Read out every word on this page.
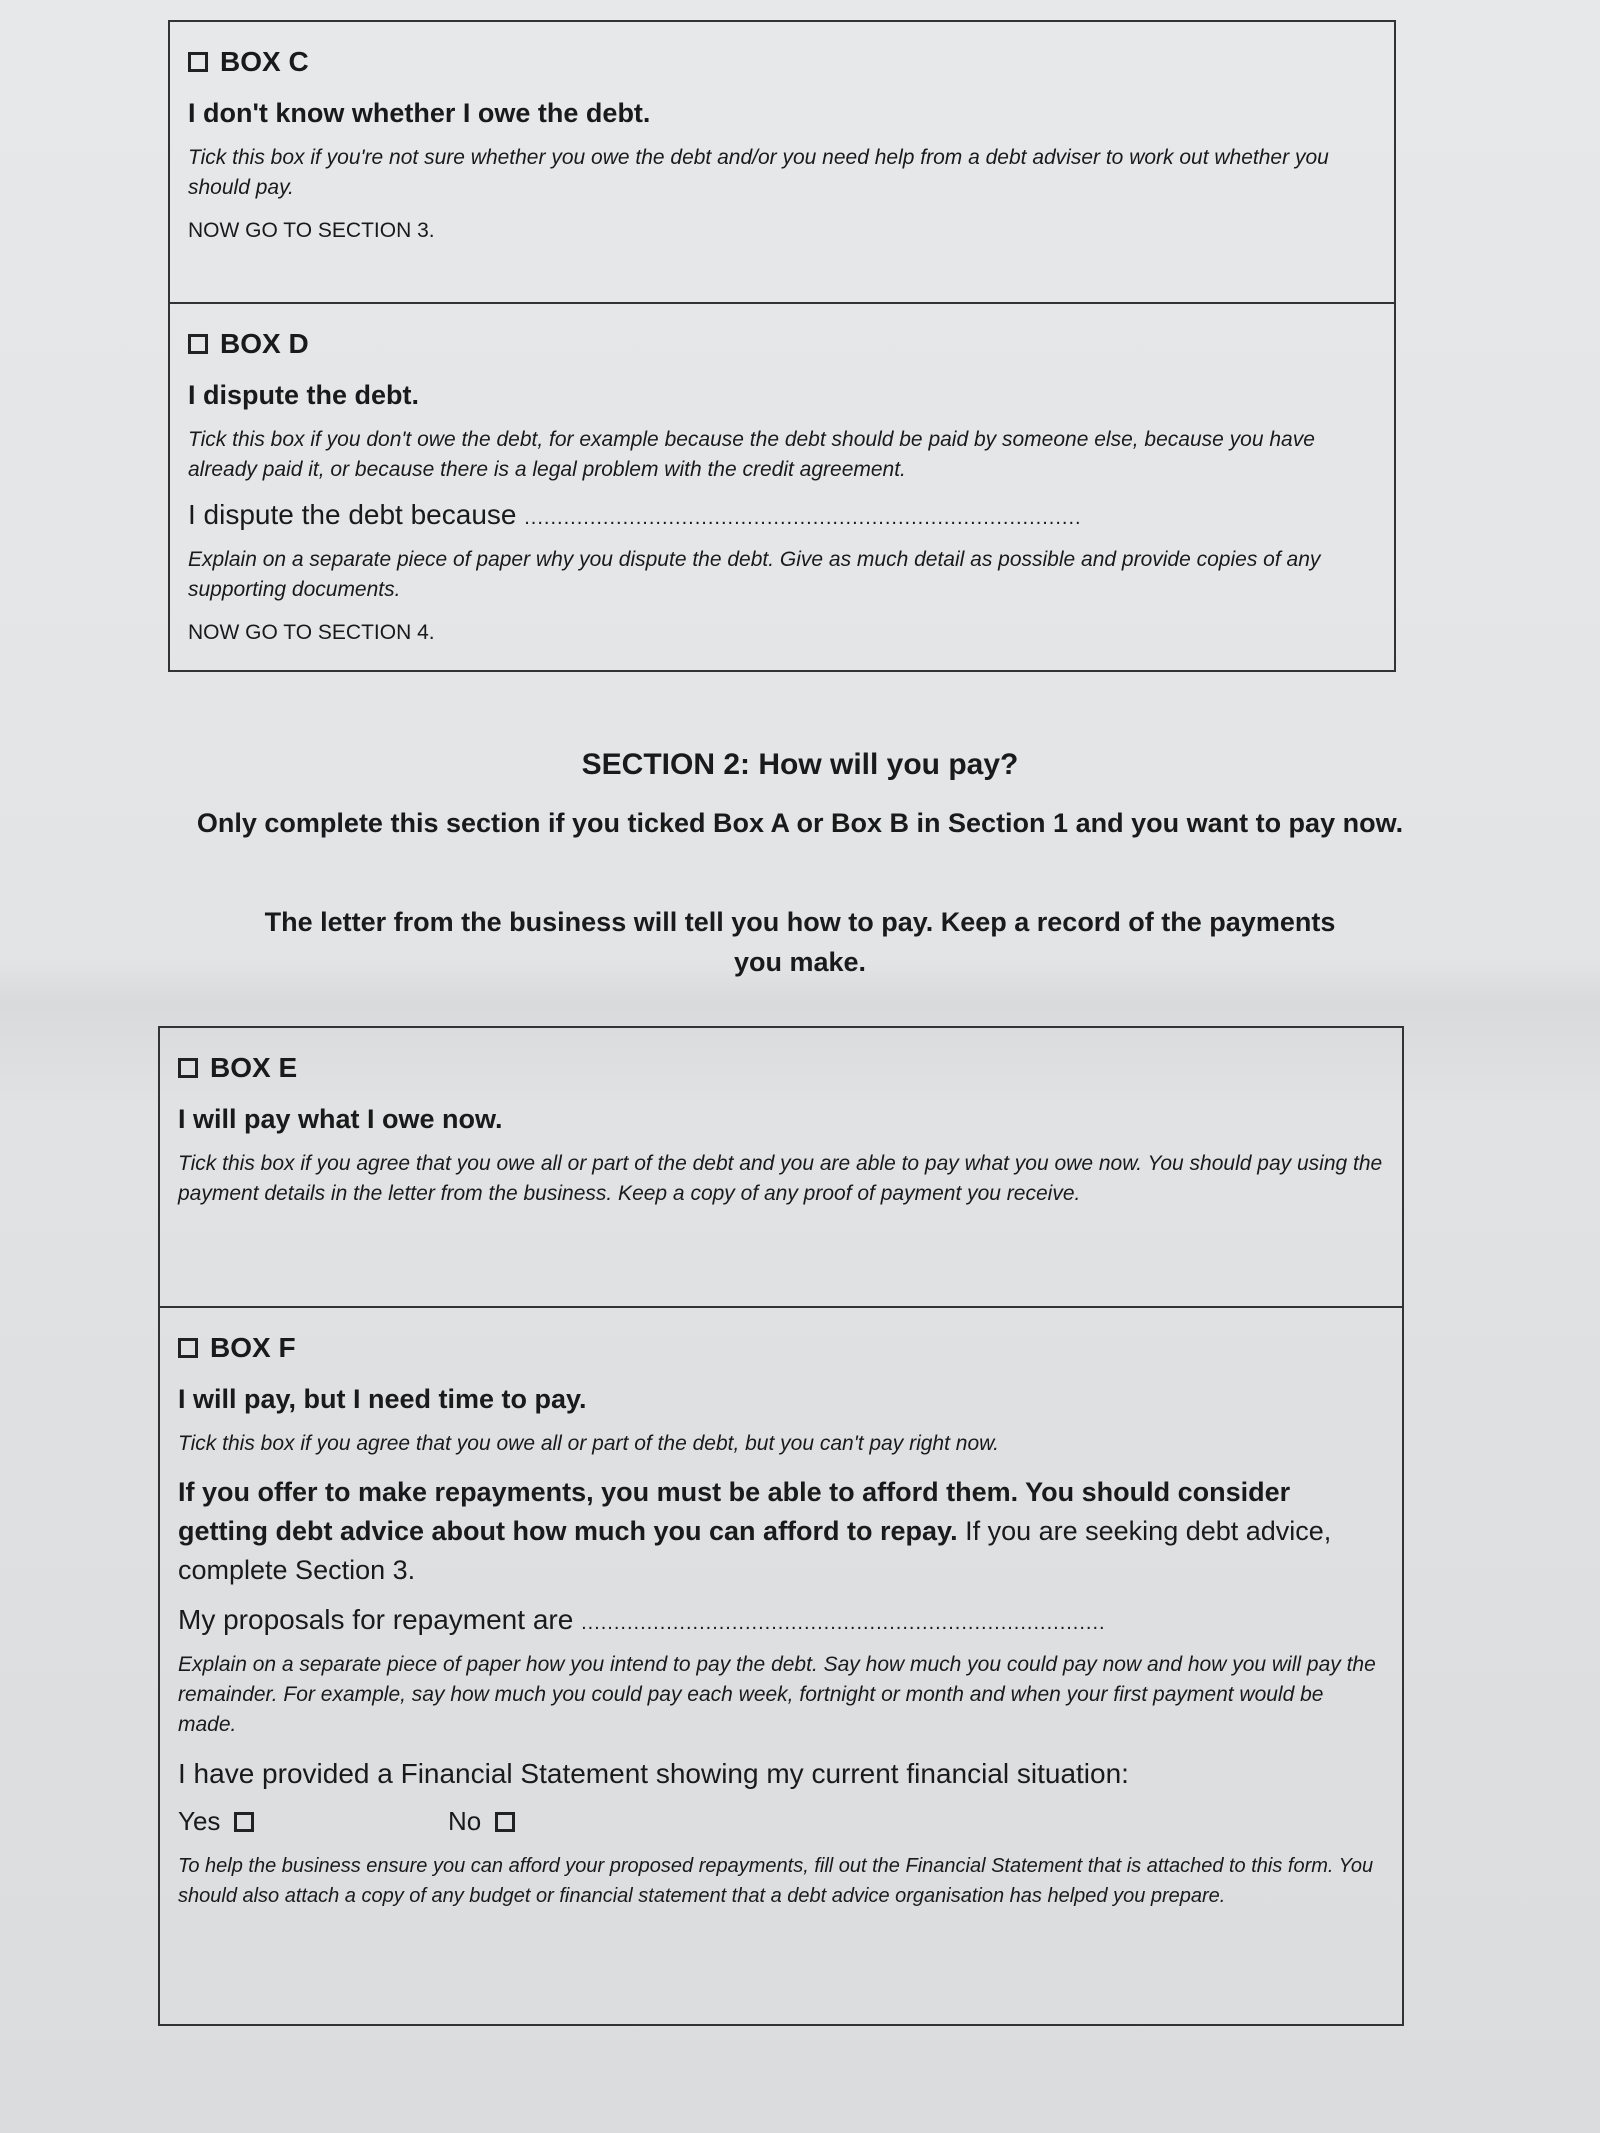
BOX C
I don't know whether I owe the debt.
Tick this box if you're not sure whether you owe the debt and/or you need help from a debt adviser to work out whether you should pay.
NOW GO TO SECTION 3.
BOX D
I dispute the debt.
Tick this box if you don't owe the debt, for example because the debt should be paid by someone else, because you have already paid it, or because there is a legal problem with the credit agreement.
I dispute the debt because .....................................................................................
Explain on a separate piece of paper why you dispute the debt. Give as much detail as possible and provide copies of any supporting documents.
NOW GO TO SECTION 4.
SECTION 2: How will you pay?
Only complete this section if you ticked Box A or Box B in Section 1 and you want to pay now.
The letter from the business will tell you how to pay. Keep a record of the payments you make.
BOX E
I will pay what I owe now.
Tick this box if you agree that you owe all or part of the debt and you are able to pay what you owe now. You should pay using the payment details in the letter from the business. Keep a copy of any proof of payment you receive.
BOX F
I will pay, but I need time to pay.
Tick this box if you agree that you owe all or part of the debt, but you can't pay right now.
If you offer to make repayments, you must be able to afford them. You should consider getting debt advice about how much you can afford to repay. If you are seeking debt advice, complete Section 3.
My proposals for repayment are ................................................................................
Explain on a separate piece of paper how you intend to pay the debt. Say how much you could pay now and how you will pay the remainder. For example, say how much you could pay each week, fortnight or month and when your first payment would be made.
I have provided a Financial Statement showing my current financial situation:
Yes	No
To help the business ensure you can afford your proposed repayments, fill out the Financial Statement that is attached to this form. You should also attach a copy of any budget or financial statement that a debt advice organisation has helped you prepare.
